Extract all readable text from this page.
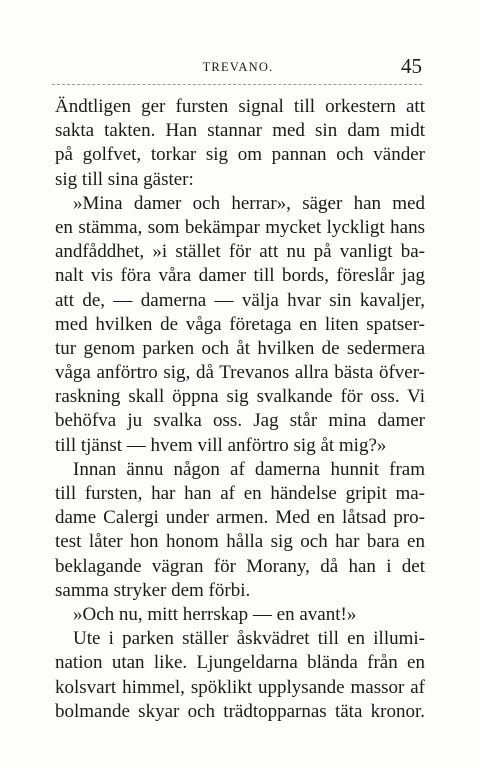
TREVANO.	45
Ändtligen ger fursten signal till orkestern att
sakta takten. Han stannar med sin dam midt
på golfvet, torkar sig om pannan och vänder
sig till sina gäster:
»Mina damer och herrar», säger han med
en stämma, som bekämpar mycket lyckligt hans
andfåddhet, »i stället för att nu på vanligt ba-
nalt vis föra våra damer till bords, föreslår jag
att de, — damerna — välja hvar sin kavaljer,
med hvilken de våga företaga en liten spatser-
tur genom parken och åt hvilken de sedermera
våga anförtro sig, då Trevanos allra bästa öfver-
raskning skall öppna sig svalkande för oss. Vi
behöfva ju svalka oss. Jag står mina damer
till tjänst — hvem vill anförtro sig åt mig?»
Innan ännu någon af damerna hunnit fram
till fursten, har han af en händelse gripit ma-
dame Calergi under armen. Med en låtsad pro-
test låter hon honom hålla sig och har bara en
beklagande vägran för Morany, då han i det
samma stryker dem förbi.
»Och nu, mitt herrskap — en avant!»
Ute i parken ställer åskvädret till en illumi-
nation utan like. Ljungeldarna blända från en
kolsvart himmel, spöklikt upplysande massor af
bolmande skyar och trädtopparnas täta kronor.
